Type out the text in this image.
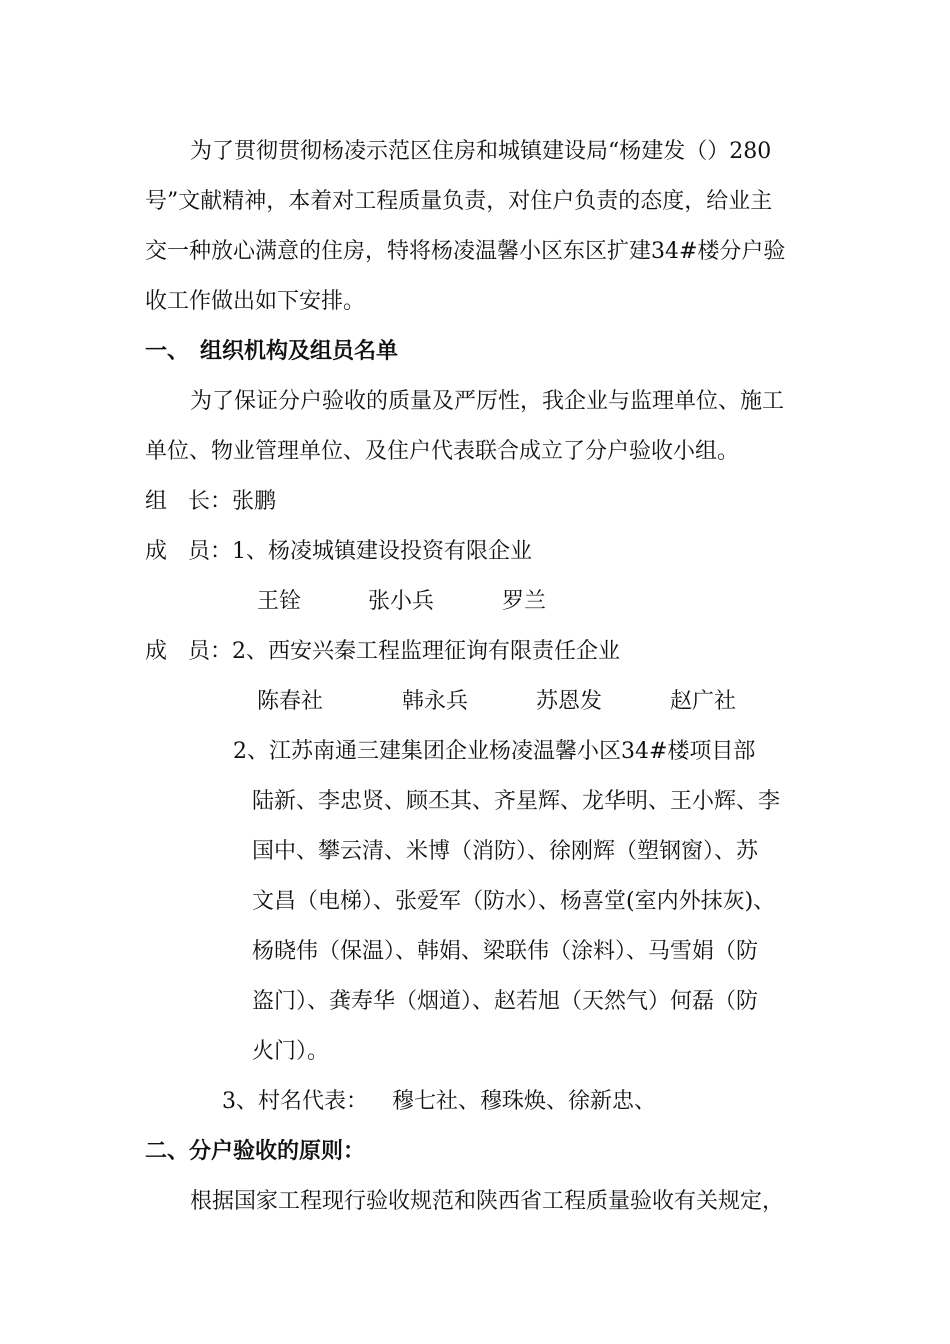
为了贯彻贯彻杨凌示范区住房和城镇建设局“杨建发（）280
号”文献精神，本着对工程质量负责，对住户负责的态度，给业主
交一种放心满意的住房，特将杨凌温馨小区东区扩建34#楼分户验
收工作做出如下安排。
一、 组织机构及组员名单
为了保证分户验收的质量及严厉性，我企业与监理单位、施工
单位、物业管理单位、及住户代表联合成立了分户验收小组。
组   长：张鹏
成   员：1、杨凌城镇建设投资有限企业
王铨	张小兵	罗兰
成   员：2、西安兴秦工程监理征询有限责任企业
陈春社	韩永兵	苏恩发	赵广社
2、江苏南通三建集团企业杨凌温馨小区34#楼项目部
陆新、李忠贤、顾丕其、齐星辉、龙华明、王小辉、李
国中、攀云清、米博（消防）、徐刚辉（塑钢窗）、苏
文昌（电梯）、张爱军（防水）、杨喜堂(室内外抹灰)、
杨晓伟（保温）、韩娟、梁联伟（涂料）、马雪娟（防
盗门）、龚寿华（烟道）、赵若旭（天然气）何磊（防
火门）。
3、村名代表： 穆七社、穆珠焕、徐新忠、
二、分户验收的原则：
根据国家工程现行验收规范和陕西省工程质量验收有关规定，
